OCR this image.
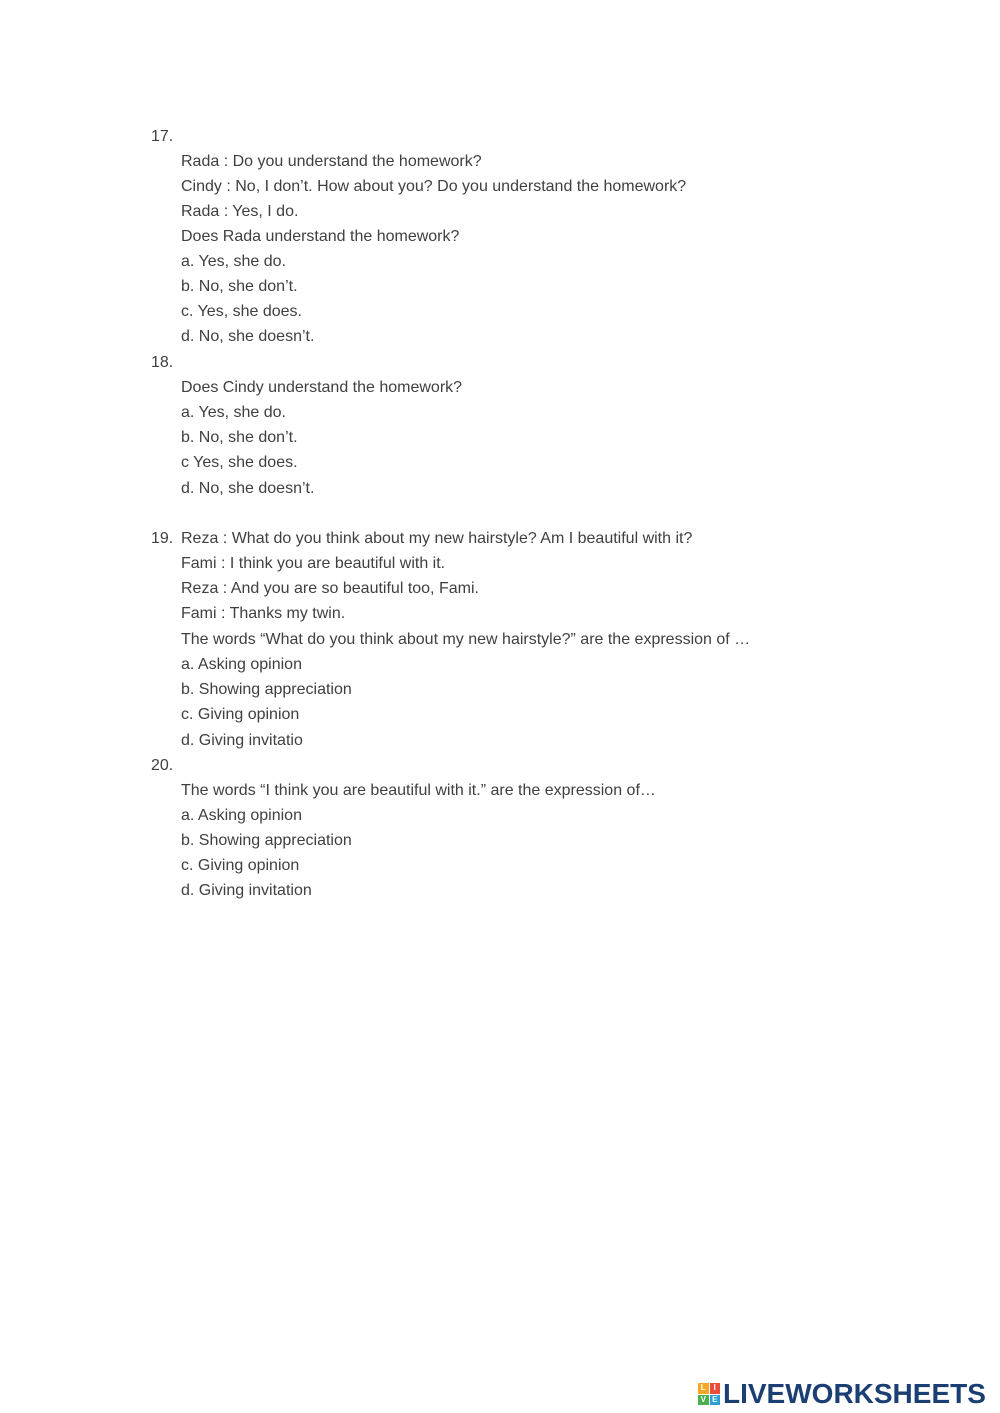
17.
Rada : Do you understand the homework?
Cindy : No, I don’t. How about you? Do you understand the homework?
Rada : Yes, I do.
Does Rada understand the homework?
a. Yes, she do.
b. No, she don’t.
c. Yes, she does.
d. No, she doesn’t.
18.
Does Cindy understand the homework?
a. Yes, she do.
b. No, she don’t.
c Yes, she does.
d. No, she doesn’t.
19. Reza : What do you think about my new hairstyle? Am I beautiful with it?
Fami : I think you are beautiful with it.
Reza : And you are so beautiful too, Fami.
Fami : Thanks my twin.
The words “What do you think about my new hairstyle?” are the expression of …
a. Asking opinion
b. Showing appreciation
c. Giving opinion
d. Giving invitatio
20.
The words “I think you are beautiful with it.” are the expression of…
a. Asking opinion
b. Showing appreciation
c. Giving opinion
d. Giving invitation
L I
V E LIVEWORKSHEETS
